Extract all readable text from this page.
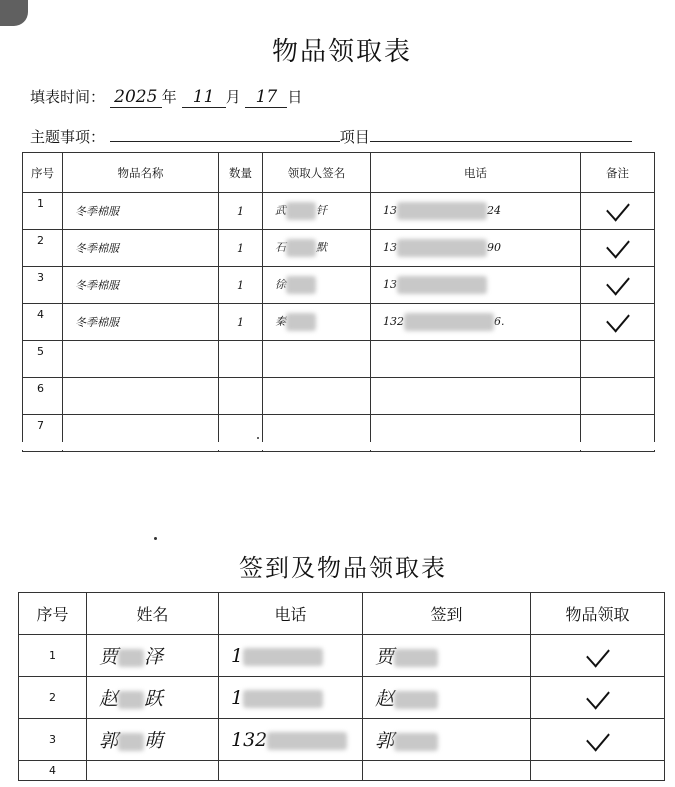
物品领取表
填表时间： 2025 年 11 月 17 日
主题事项：	项目
序号	物品名称	数量	领取人签名	电话	备注
1	冬季棉服	1	武 钎	13 24	
2	冬季棉服	1	石 默	13 90	
3	冬季棉服	1	徐	13	
4	冬季棉服	1	秦	132 6.	
5					
6					
7					
签到及物品领取表
序号	姓名	电话	签到	物品领取
1	贾 泽	1	贾	
2	赵 跃	1	赵	
3	郭 萌	132	郭	
4				
